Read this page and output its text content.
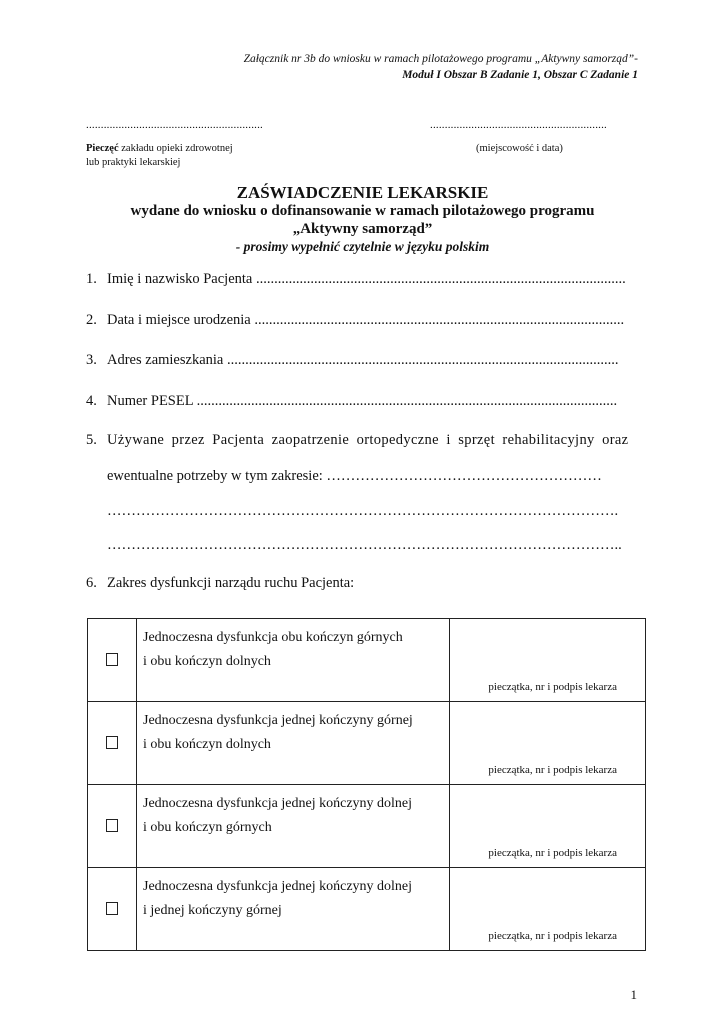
Załącznik nr 3b do wniosku w ramach pilotażowego programu „Aktywny samorząd”-
Moduł I Obszar B Zadanie 1, Obszar C Zadanie 1
............................................................	............................................................
Pieczęć zakładu opieki zdrowotnej
lub praktyki lekarskiej
(miejscowość i data)
ZAŚWIADCZENIE LEKARSKIE
wydane do wniosku o dofinansowanie w ramach pilotażowego programu
„Aktywny samorząd”
- prosimy wypełnić czytelnie w języku polskim
1. Imię i nazwisko Pacjenta ......................................................................................................
2. Data i miejsce urodzenia ......................................................................................................
3. Adres zamieszkania ............................................................................................................
4. Numer PESEL ....................................................................................................................
5. Używane przez Pacjenta zaopatrzenie ortopedyczne i sprzęt rehabilitacyjny oraz
ewentualne potrzeby w tym zakresie: …………………………………………………
…………………………………………………………………………………………….
……………………………………………………………………………………………..
6. Zakres dysfunkcji narządu ruchu Pacjenta:

	Jednoczesna dysfunkcja obu kończyn górnych
i obu kończyn dolnych	pieczątka, nr i podpis lekarza

	Jednoczesna dysfunkcja jednej kończyny górnej
i obu kończyn dolnych	pieczątka, nr i podpis lekarza

	Jednoczesna dysfunkcja jednej kończyny dolnej
i obu kończyn górnych	pieczątka, nr i podpis lekarza

	Jednoczesna dysfunkcja jednej kończyny dolnej
i jednej kończyny górnej	pieczątka, nr i podpis lekarza
1
